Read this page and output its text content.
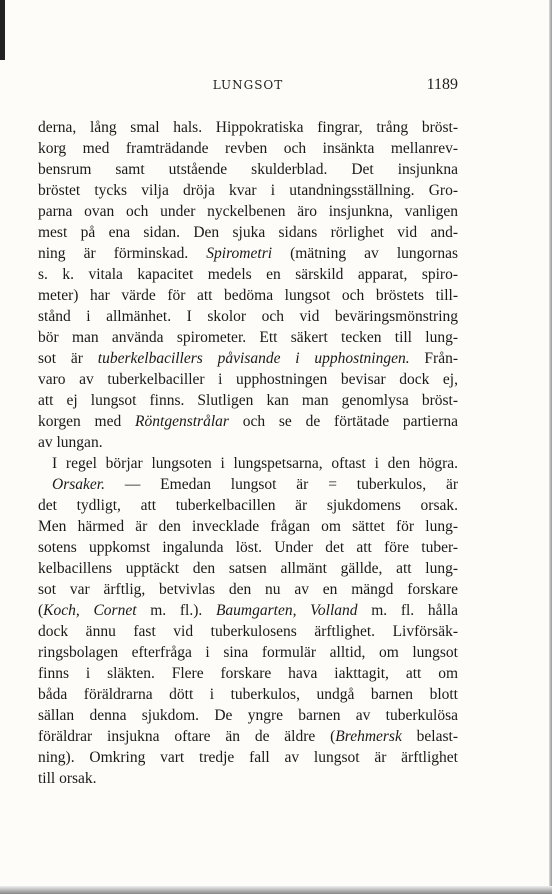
LUNGSOT	1189
derna, lång smal hals. Hippokratiska fingrar, trång bröst-
korg med framträdande revben och insänkta mellanrev-
bensrum samt utstående skulderblad. Det insjunkna
bröstet tycks vilja dröja kvar i utandningsställning. Gro-
parna ovan och under nyckelbenen äro insjunkna, vanligen
mest på ena sidan. Den sjuka sidans rörlighet vid and-
ning är förminskad. Spirometri (mätning av lungornas
s. k. vitala kapacitet medels en särskild apparat, spiro-
meter) har värde för att bedöma lungsot och bröstets till-
stånd i allmänhet. I skolor och vid beväringsmönstring
bör man använda spirometer. Ett säkert tecken till lung-
sot är tuberkelbacillers påvisande i upphostningen. Från-
varo av tuberkelbaciller i upphostningen bevisar dock ej,
att ej lungsot finns. Slutligen kan man genomlysa bröst-
korgen med Röntgenstrålar och se de förtätade partierna
av lungan.
I regel börjar lungsoten i lungspetsarna, oftast i den högra.
Orsaker. — Emedan lungsot är = tuberkulos, är
det tydligt, att tuberkelbacillen är sjukdomens orsak.
Men härmed är den invecklade frågan om sättet för lung-
sotens uppkomst ingalunda löst. Under det att före tuber-
kelbacillens upptäckt den satsen allmänt gällde, att lung-
sot var ärftlig, betvivlas den nu av en mängd forskare
(Koch, Cornet m. fl.). Baumgarten, Volland m. fl. hålla
dock ännu fast vid tuberkulosens ärftlighet. Livförsäk-
ringsbolagen efterfråga i sina formulär alltid, om lungsot
finns i släkten. Flere forskare hava iakttagit, att om
båda föräldrarna dött i tuberkulos, undgå barnen blott
sällan denna sjukdom. De yngre barnen av tuberkulösa
föräldrar insjukna oftare än de äldre (Brehmersk belast-
ning). Omkring vart tredje fall av lungsot är ärftlighet
till orsak.
